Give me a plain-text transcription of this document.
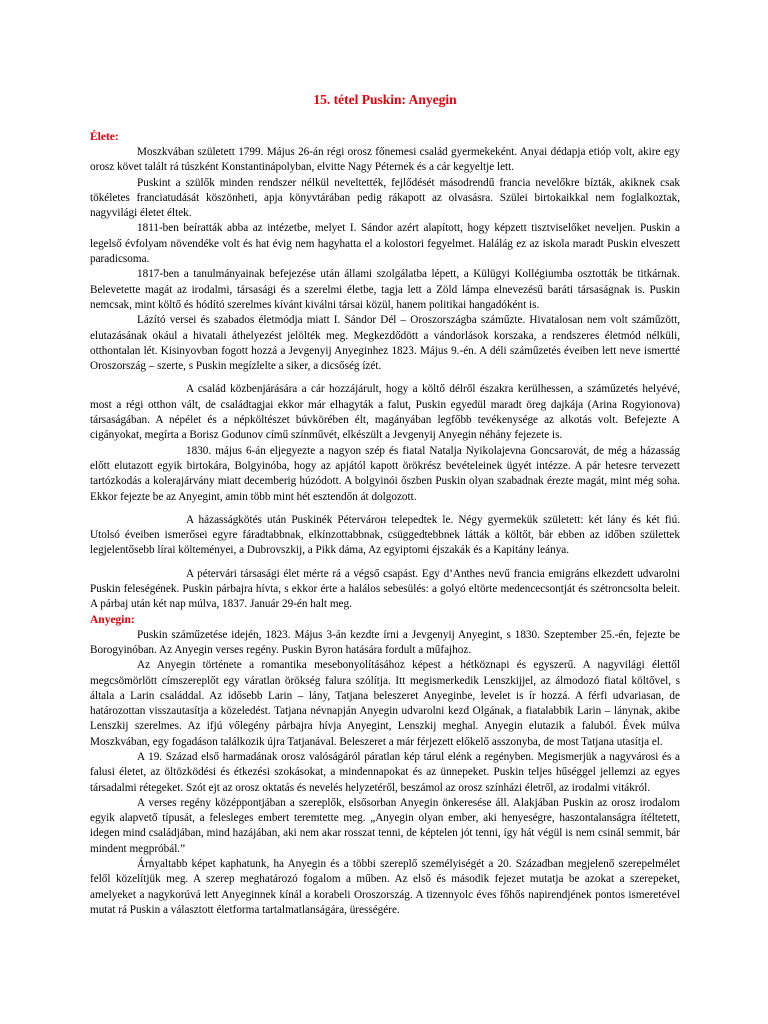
15. tétel Puskin: Anyegin
Élete:

Moszkvában született 1799. Május 26-án régi orosz főnemesi család gyermekeként. Anyai dédapja etióp volt, akire egy orosz követ talált rá túszként Konstantinápolyban, elvitte Nagy Péternek és a cár kegyeltje lett.

Puskint a szülők minden rendszer nélkül neveltették, fejlődését másodrendű francia nevelőkre bízták, akiknek csak tökéletes franciatudását köszönheti, apja könyvtárában pedig rákapott az olvasásra. Szülei birtokaikkal nem foglalkoztak, nagyvilági életet éltek.

1811-ben beíratták abba az intézetbe, melyet I. Sándor azért alapított, hogy képzett tisztviselőket neveljen. Puskin a legelső évfolyam növendéke volt és hat évig nem hagyhatta el a kolostori fegyelmet. Halálág ez az iskola maradt Puskin elveszett paradicsoma.

1817-ben a tanulmányainak befejezése után állami szolgálatba lépett, a Külügyi Kollégiumba osztották be titkárnak. Belevetette magát az irodalmi, társasági és a szerelmi életbe, tagja lett a Zöld lámpa elnevezésű baráti társaságnak is. Puskin nemcsak, mint költő és hódító szerelmes kívánt kiválni társai közül, hanem politikai hangadóként is.

Lázító versei és szabados életmódja miatt I. Sándor Dél – Oroszországba száműzte. Hivatalosan nem volt száműzött, elutazásának okául a hivatali áthelyezést jelölték meg. Megkezdődött a vándorlások korszaka, a rendszeres életmód nélküli, otthontalan lét. Kisinyovban fogott hozzá a Jevgenyij Anyeginhez 1823. Május 9.-én. A déli száműzetés éveiben lett neve ismertté Oroszország – szerte, s Puskin megízlelte a siker, a dicsőség ízét.

A család közbenjárására a cár hozzájárult, hogy a költő délről északra kerülhessen, a száműzetés helyévé, most a régi otthon vált, de családtagjai ekkor már elhagyták a falut, Puskin egyedül maradt öreg dajkája (Arina Rogyionova) társaságában. A népélet és a népköltészet búvkörében élt, magányában legfőbb tevékenysége az alkotás volt. Befejezte A cigányokat, megírta a Borisz Godunov című színművét, elkészült a Jevgenyij Anyegin néhány fejezete is.

1830. május 6-án eljegyezte a nagyon szép és fiatal Natalja Nyikolajevna Goncsarovát, de még a házasság előtt elutazott egyik birtokára, Bolgyinóba, hogy az apjától kapott örökrész bevételeinek ügyét intézze. A pár hetesre tervezett tartózkodás a kolerajárvány miatt decemberig húzódott. A bolgyinói őszben Puskin olyan szabadnak érezte magát, mint még soha. Ekkor fejezte be az Anyegint, amin több mint hét esztendőn át dolgozott.

A házasságkötés után Puskinék Pétervárон telepedtek le. Négy gyermekük született: két lány és két fiú. Utolsó éveiben ismerősei egyre fáradtabbnak, elkínzottabbnak, csüggedtebbnek látták a költőt, bár ebben az időben születtek legjelentősebb lírai költeményei, a Dubrovszkij, a Pikk dáma, Az egyiptomi éjszakák és a Kapitány leánya.

A pétervári társasági élet mérte rá a végső csapást. Egy d’Anthes nevű francia emigráns elkezdett udvarolni Puskin feleségének. Puskin párbajra hívta, s ekkor érte a halálos sebesülés: a golyó eltörte medencecsontját és szétroncsolta beleit. A párbaj után két nap múlva, 1837. Január 29-én halt meg.

Anyegin:

Puskin száműzetése idején, 1823. Május 3-án kezdte írni a Jevgenyij Anyegint, s 1830. Szeptember 25.-én, fejezte be Borogyinóban. Az Anyegin verses regény. Puskin Byron hatására fordult a műfajhoz.

Az Anyegin története a romantika mesebonyolításához képest a hétköznapi és egyszerű. A nagyvilági élettől megcsömörlött címszereplőt egy váratlan örökség falura szólítja. Itt megismerkedik Lenszkijjel, az álmodozó fiatal költővel, s általa a Larin családdal. Az idősebb Larin – lány, Tatjana beleszeret Anyeginbe, levelet is ír hozzá. A férfi udvariasan, de határozottan visszautasítja a közeledést. Tatjana névnapján Anyegin udvarolni kezd Olgának, a fiatalabbik Larin – lánynak, akibe Lenszkij szerelmes. Az ifjú vőlegény párbajra hívja Anyegint, Lenszkij meghal. Anyegin elutazik a faluból. Évek múlva Moszkvában, egy fogadáson találkozik újra Tatjanával. Beleszeret a már férjezett előkelő asszonyba, de most Tatjana utasítja el.

A 19. Század első harmadának orosz valóságáról páratlan kép tárul elénk a regényben. Megismerjük a nagyvárosi és a falusi életet, az öltözködési és étkezési szokásokat, a mindennapokat és az ünnepeket. Puskin teljes hűséggel jellemzi az egyes társadalmi rétegeket. Szót ejt az orosz oktatás és nevelés helyzetéről, beszámol az orosz színházi életről, az irodalmi vitákról.

A verses regény középpontjában a szereplők, elsősorban Anyegin önkeresése áll. Alakjában Puskin az orosz irodalom egyik alapvető típusát, a felesleges embert teremtette meg. „Anyegin olyan ember, aki henyeségre, haszontalanságra ítéltetett, idegen mind családjában, mind hazájában, aki nem akar rosszat tenni, de képtelen jót tenni, így hát végül is nem csinál semmit, bár mindent megpróbál.”

Árnyaltabb képet kaphatunk, ha Anyegin és a többi szereplő személyiségét a 20. Században megjelenő szerepelmélet felől közelítjük meg. A szerep meghatározó fogalom a műben. Az első és második fejezet mutatja be azokat a szerepeket, amelyeket a nagykorúvá lett Anyeginnek kínál a korabeli Oroszország. A tizennyolc éves főhős napirendjének pontos ismeretével mutat rá Puskin a választott életforma tartalmatlanságára, ürességére.
